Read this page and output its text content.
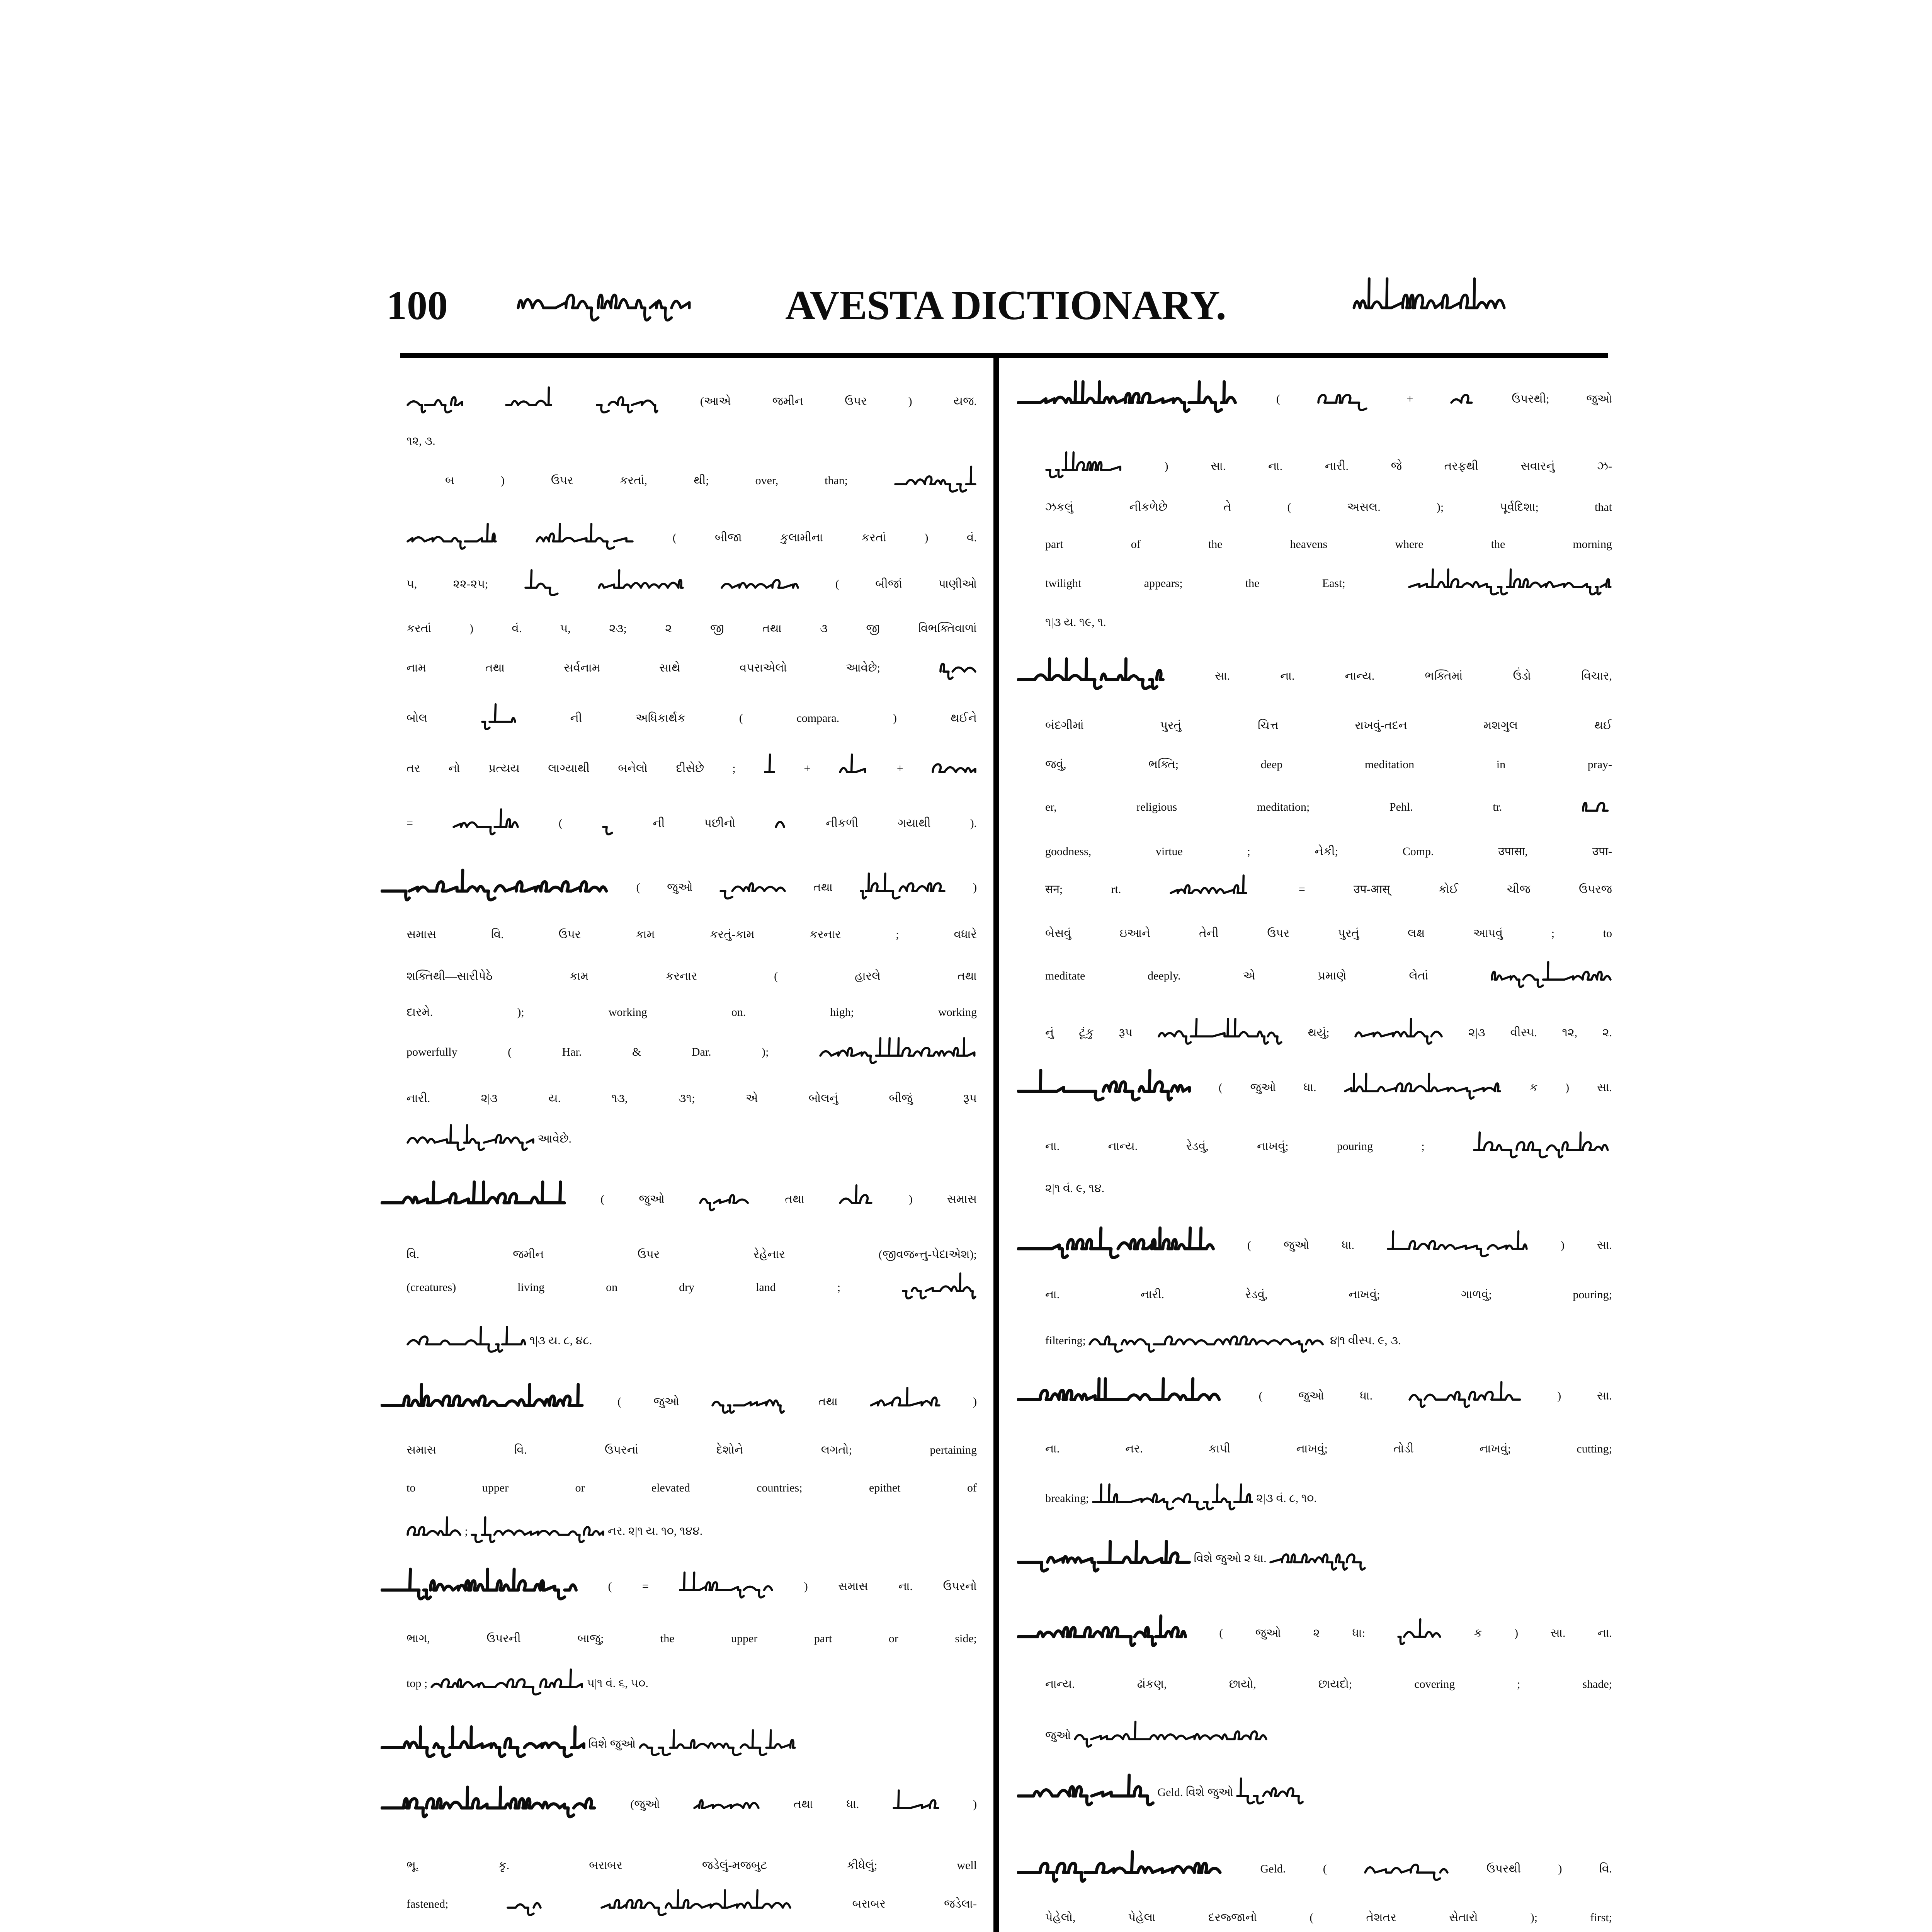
100	AVESTA DICTIONARY.

(આએ જમીન ઉપર ) યજ.
૧૨, ૩.
બ ) ઉપર કરતાં, થી; over, than;

( બીજા કુલામીના કરતાં ) વં.
૫, ૨૨-૨૫;

	( બીજાં પાણીઓ
કરતાં ) વં. ૫, ૨૩; ૨ જી તથા ૩ જી વિભક્તિવાળાં
નામ તથા સર્વનામ સાથે વપરાએલો આવેછે;
બોલ	ની અધિકાર્થક ( compara. ) થઈને
તર નો પ્રત્યય લાગ્યાથી બનેલો દીસેછે ;	+	+
=	(	ની પછીનો	નીકળી ગયાથી ).
( જુઓ	તથા	)
સમાસ વિ. ઉપર કામ કરતું-કામ કરનાર ; વધારે
શક્તિથી—સારીપેઠે કામ કરનાર ( હારલે તથા
દારમે. ); working on. high; working
powerfully ( Har. & Dar. );
નારી. ૨|૩ ય. ૧૩, ૩૧; એ બોલનું બીજું રૂપ
આવેછે.
( જુઓ	તથા	) સમાસ
વિ. જમીન ઉપર રેહેનાર (જીવજન્તુ-પેદાએશ);
(creatures) living on dry land ;
૧|૩ ય. ૮, ૪૮.
( જુઓ	તથા	)
સમાસ વિ. ઉપરનાં દેશોને લગતો; pertaining
to upper or elevated countries; epithet of
;	નર. ૨|૧ ય. ૧૦, ૧૪૪.
( =	) સમાસ ના. ઉપરનો
ભાગ, ઉપરની બાજુ; the upper part or side;
top ;	૫|૧ વં. ૬, ૫૦.
વિશે જુઓ
(જુઓ	તથા ધા.	)
ભૂ. કૃ. બરાબર જડેલું-મજબુટ કીધેલું; well
fastened;
	બરાબર જડેલા-

(	+	ઉપરથી; જુઓ
) સા. ના. નારી. જે તરફથી સવારનું ઝ-
ઝકલું નીકળેછે તે ( અસલ. ); પૂર્વદિશા; that
part of the heavens where the morning
twilight appears; the East;
૧|૩ ય. ૧૯, ૧.
સા. ના. નાન્ય. ભક્તિમાં ઉંડો વિચાર,
બંદગીમાં પુરતું ચિત્ત રાખવું-તદન મશગુલ થઈ
જવું, ભક્તિ; deep meditation in pray-
er, religious meditation; Pehl. tr.
goodness, virtue ; નેકી; Comp. उपासा, उपा-
सन; rt.	= उप-आस् કોઈ ચીજ ઉપરજ
બેસવું ઇઆને તેની ઉપર પુરતું લક્ષ આપવું ; to
meditate deeply. એ પ્રમાણે લેતાં
નું ટૂંકુ રૂપ	થયું;	૨|૩ વીસ્પ. ૧૨, ૨.
( જુઓ ધા.	ક ) સા.
ના. નાન્ય. રેડવું, નાખવું; pouring ;
૨|૧ વં. ૯, ૧૪.
( જુઓ ધા.	) સા.
ના. નારી. રેડવું, નાખવું; ગાળવું; pouring;
filtering;	૪|૧ વીસ્પ. ૯, ૩.
( જુઓ ધા.	) સા.
ના. નર. કાપી નાખવું; તોડી નાખવું; cutting;
breaking;	૨|૩ વં. ૮, ૧૦.
વિશે જુઓ ૨ ધા.
( જુઓ ૨ ધા:	ક ) સા. ના.
નાન્ય. ઢાંકણ, છાયો, છાયદો; covering ; shade;
જુઓ
Geld. વિશે જુઓ
Geld. (	ઉપરથી ) વિ.
પેહેલો, પેહેલા દરજ્જાનો ( તેશતર સેતારો ); first;
